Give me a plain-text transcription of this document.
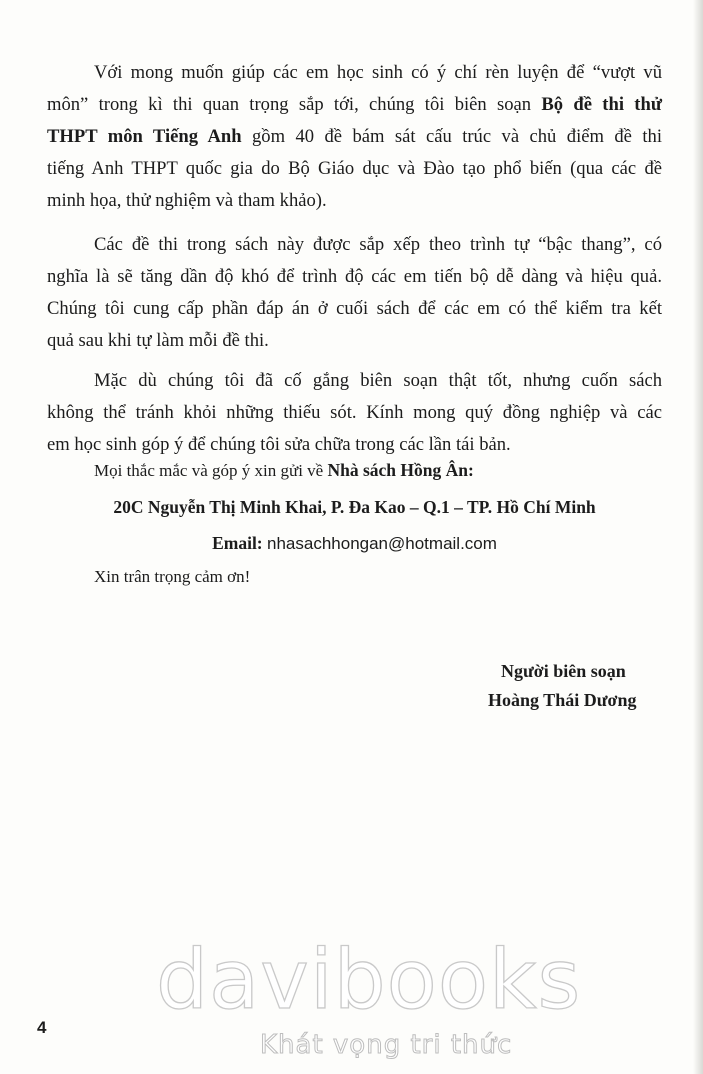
Với mong muốn giúp các em học sinh có ý chí rèn luyện để “vượt vũ
môn” trong kì thi quan trọng sắp tới, chúng tôi biên soạn Bộ đề thi thử
THPT môn Tiếng Anh gồm 40 đề bám sát cấu trúc và chủ điểm đề thi
tiếng Anh THPT quốc gia do Bộ Giáo dục và Đào tạo phổ biến (qua các đề
minh họa, thử nghiệm và tham khảo).
Các đề thi trong sách này được sắp xếp theo trình tự “bậc thang”, có
nghĩa là sẽ tăng dần độ khó để trình độ các em tiến bộ dễ dàng và hiệu quả.
Chúng tôi cung cấp phần đáp án ở cuối sách để các em có thể kiểm tra kết
quả sau khi tự làm mỗi đề thi.
Mặc dù chúng tôi đã cố gắng biên soạn thật tốt, nhưng cuốn sách
không thể tránh khỏi những thiếu sót. Kính mong quý đồng nghiệp và các
em học sinh góp ý để chúng tôi sửa chữa trong các lần tái bản.
Mọi thắc mắc và góp ý xin gửi về Nhà sách Hồng Ân:
20C Nguyễn Thị Minh Khai, P. Đa Kao – Q.1 – TP. Hồ Chí Minh
Email: nhasachhongan@hotmail.com
Xin trân trọng cảm ơn!
Người biên soạn
Hoàng Thái Dương
davibooks
Khát vọng tri thức
4
